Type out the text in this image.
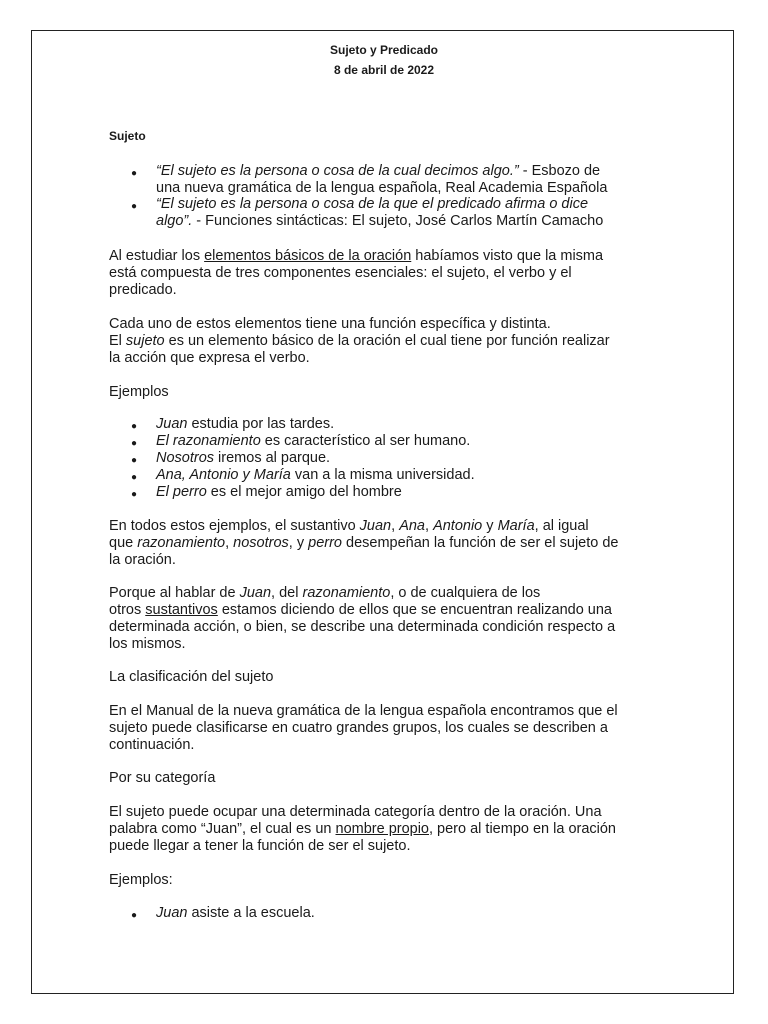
Sujeto y Predicado
8 de abril de 2022
Sujeto
● “El sujeto es la persona o cosa de la cual decimos algo.” - Esbozo de
una nueva gramática de la lengua española, Real Academia Española
● “El sujeto es la persona o cosa de la que el predicado afirma o dice
algo”. - Funciones sintácticas: El sujeto, José Carlos Martín Camacho
Al estudiar los elementos básicos de la oración habíamos visto que la misma
está compuesta de tres componentes esenciales: el sujeto, el verbo y el
predicado.
Cada uno de estos elementos tiene una función específica y distinta.
El sujeto es un elemento básico de la oración el cual tiene por función realizar
la acción que expresa el verbo.
Ejemplos
● Juan estudia por las tardes.
● El razonamiento es característico al ser humano.
● Nosotros iremos al parque.
● Ana, Antonio y María van a la misma universidad.
● El perro es el mejor amigo del hombre
En todos estos ejemplos, el sustantivo Juan, Ana, Antonio y María, al igual
que razonamiento, nosotros, y perro desempeñan la función de ser el sujeto de
la oración.
Porque al hablar de Juan, del razonamiento, o de cualquiera de los
otros sustantivos estamos diciendo de ellos que se encuentran realizando una
determinada acción, o bien, se describe una determinada condición respecto a
los mismos.
La clasificación del sujeto
En el Manual de la nueva gramática de la lengua española encontramos que el
sujeto puede clasificarse en cuatro grandes grupos, los cuales se describen a
continuación.
Por su categoría
El sujeto puede ocupar una determinada categoría dentro de la oración. Una
palabra como “Juan”, el cual es un nombre propio, pero al tiempo en la oración
puede llegar a tener la función de ser el sujeto.
Ejemplos:
● Juan asiste a la escuela.
